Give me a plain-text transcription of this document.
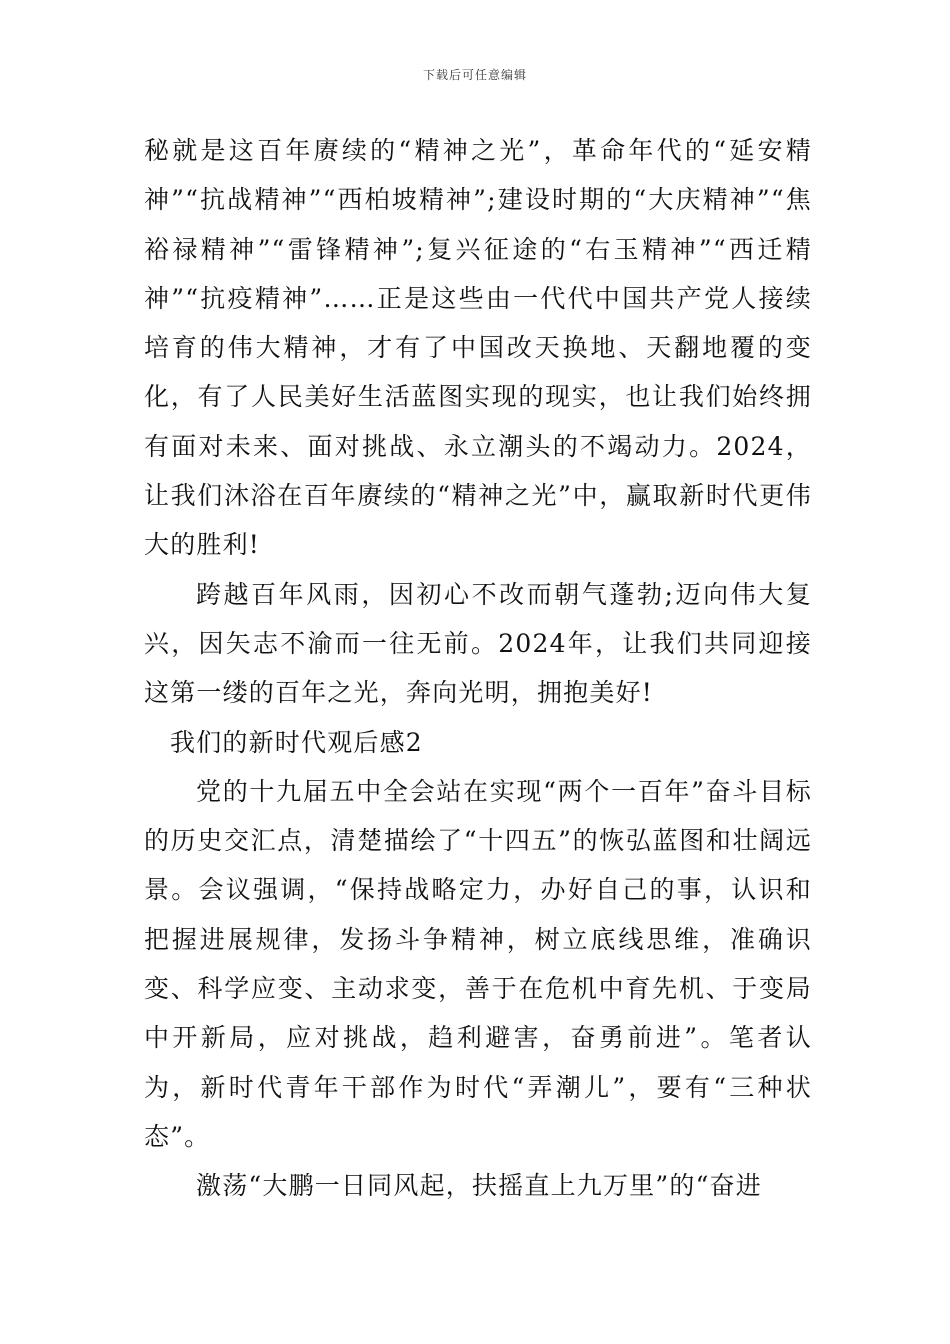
下载后可任意编辑

秘就是这百年赓续的“精神之光”，革命年代的“延安精神”“抗战精神”“西柏坡精神”;建设时期的“大庆精神”“焦裕禄精神”“雷锋精神”;复兴征途的“右玉精神”“西迁精神”“抗疫精神”……正是这些由一代代中国共产党人接续培育的伟大精神，才有了中国改天换地、天翻地覆的变化，有了人民美好生活蓝图实现的现实，也让我们始终拥有面对未来、面对挑战、永立潮头的不竭动力。2024，让我们沐浴在百年赓续的“精神之光”中，赢取新时代更伟大的胜利!

跨越百年风雨，因初心不改而朝气蓬勃;迈向伟大复兴，因矢志不渝而一往无前。2024年，让我们共同迎接这第一缕的百年之光，奔向光明，拥抱美好!

我们的新时代观后感2

党的十九届五中全会站在实现“两个一百年”奋斗目标的历史交汇点，清楚描绘了“十四五”的恢弘蓝图和壮阔远景。会议强调，“保持战略定力，办好自己的事，认识和把握进展规律，发扬斗争精神，树立底线思维，准确识变、科学应变、主动求变，善于在危机中育先机、于变局中开新局，应对挑战，趋利避害，奋勇前进”。笔者认为，新时代青年干部作为时代“弄潮儿”，要有“三种状态”。

激荡“大鹏一日同风起，扶摇直上九万里”的“奋进
